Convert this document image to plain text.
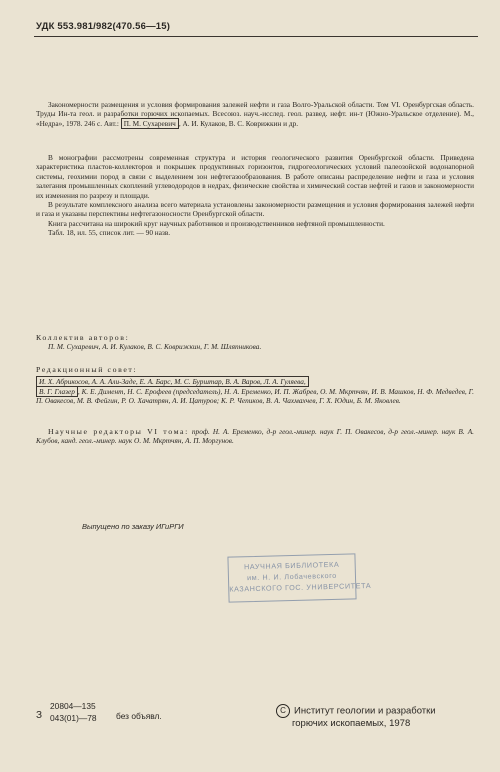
УДК 553.981/982(470.56—15)

Закономерности размещения и условия формирования залежей нефти и газа Волго-Уральской области. Том VI. Оренбургская область. Труды Ин-та геол. и разработки горючих ископаемых. Всесоюз. науч.-исслед. геол. развед. нефт. ин-т (Южно-Уральское отделение). М., «Недра», 1978. 246 с. Авт.: П. М. Сухаревич , А. И. Кулаков, В. С. Коврижкин и др.

В монографии рассмотрены современная структура и история геологического развития Оренбургской области. Приведена характеристика пластов-коллекторов и покрышек продуктивных горизонтов, гидрогеологических условий палеозойской водонапорной системы, геохимии пород в связи с выделением зон нефтегазообразования. В работе описаны распределение нефти и газа и условия залегания промышленных скоплений углеводородов в недрах, физические свойства и химический состав нефтей и газов и закономерности их изменения по разрезу и площади.

В результате комплексного анализа всего материала установлены закономерности размещения и условия формирования залежей нефти и газа и указаны перспективы нефтегазоносности Оренбургской области.

Книга рассчитана на широкий круг научных работников и производственников нефтяной промышленности.

Табл. 18, ил. 55, список лит. — 90 назв.

Коллектив авторов:

П. М. Сухаревич, А. И. Кулаков, В. С. Коврижкин, Г. М. Шляпникова.

Редакционный совет:

И. Х. Абрикосов, А. А. Али-Заде, Е. А. Барс, М. С. Бурштар, В. А. Варов, Л. А. Гуляева,

В. Г. Глазер , К. Е. Димент, Н. С. Ерофеев (председатель), Н. А. Еременко, И. П. Жабрев, О. М. Мкртчян, И. В. Машков, Н. Ф. Медведев, Г. П. Овакесов, М. В. Фейгин, Р. О. Хачатрян, А. И. Цатуров; К. Р. Чепиков, В. А. Чахмахчев, Г. Х. Юдин, Б. М. Яковлев.

Научные редакторы VI тома: проф. Н. А. Еременко, д-р геол.-минер. наук Г. П. Овакесов, д-р геол.-минер. наук В. А. Клубов, канд. геол.-минер. наук О. М. Мкртчян, А. П. Моргунов.

Выпущено по заказу ИГиРГИ
НАУЧНАЯ БИБЛИОТЕКА
им. Н. И. Лобачевского
КАЗАНСКОГО ГОС. УНИВЕРСИТЕТА
З
20804—135
043(01)—78 без объявл.
C Институт геологии и разработки
горючих ископаемых, 1978
